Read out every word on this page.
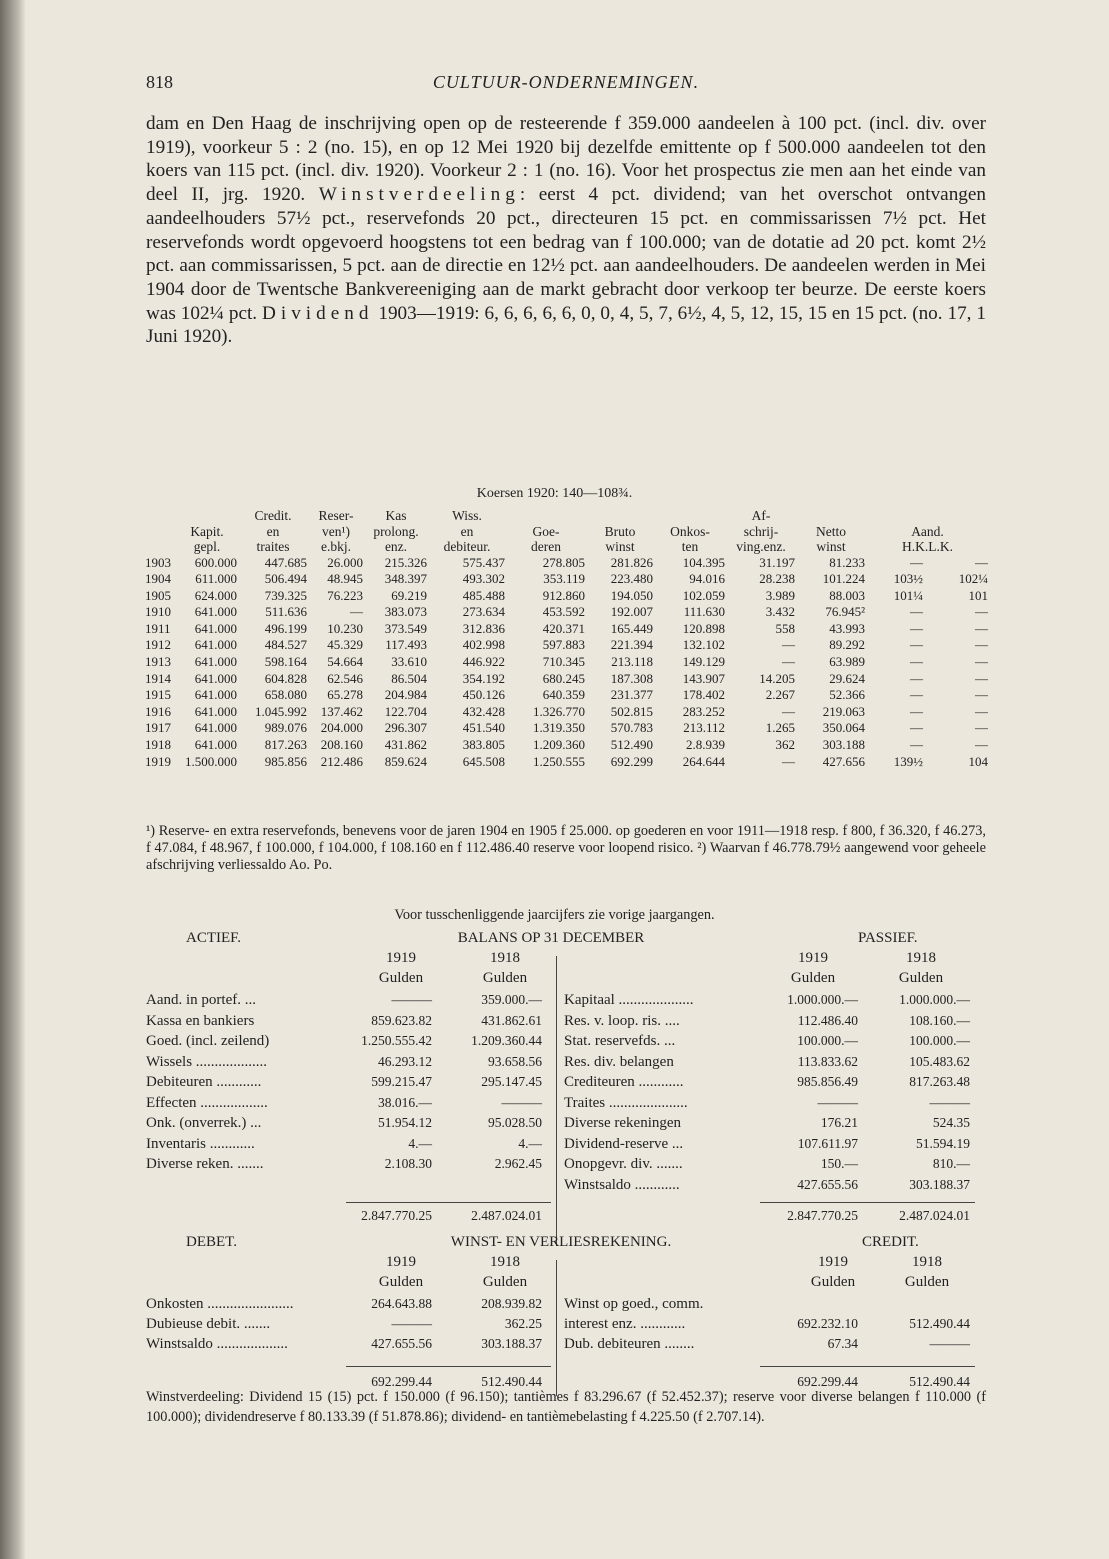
818	CULTUUR-ONDERNEMINGEN.
dam en Den Haag de inschrijving open op de resteerende f 359.000 aandeelen à 100 pct. (incl. div. over 1919), voorkeur 5 : 2 (no. 15), en op 12 Mei 1920 bij dezelfde emittente op f 500.000 aandeelen tot den koers van 115 pct. (incl. div. 1920). Voorkeur 2 : 1 (no. 16). Voor het prospectus zie men aan het einde van deel II, jrg. 1920. Winstverdeeling: eerst 4 pct. dividend; van het overschot ontvangen aandeelhouders 57½ pct., reservefonds 20 pct., directeuren 15 pct. en commissarissen 7½ pct. Het reservefonds wordt opgevoerd hoogstens tot een bedrag van f 100.000; van de dotatie ad 20 pct. komt 2½ pct. aan commissarissen, 5 pct. aan de directie en 12½ pct. aan aandeelhouders. De aandeelen werden in Mei 1904 door de Twentsche Bankvereeniging aan de markt gebracht door verkoop ter beurze. De eerste koers was 102¼ pct. Dividend 1903—1919: 6, 6, 6, 6, 6, 0, 0, 4, 5, 7, 6½, 4, 5, 12, 15, 15 en 15 pct. (no. 17, 1 Juni 1920).
Koersen 1920: 140—108¾.
		Credit.	Reser-	Kas	Wiss.				Af-			
	Kapit.	en	ven¹)	prolong.	en	Goe-	Bruto	Onkos-	schrij-	Netto	Aand.	
	gepl.	traites	e.bkj.	enz.	debiteur.	deren	winst	ten	ving.enz.	winst	H.K.L.K.	
1903	600.000	447.685	26.000	215.326	575.437	278.805	281.826	104.395	31.197	81.233	—	—
1904	611.000	506.494	48.945	348.397	493.302	353.119	223.480	94.016	28.238	101.224	103½	102¼
1905	624.000	739.325	76.223	69.219	485.488	912.860	194.050	102.059	3.989	88.003	101¼	101
1910	641.000	511.636	—	383.073	273.634	453.592	192.007	111.630	3.432	76.945²	—	—
1911	641.000	496.199	10.230	373.549	312.836	420.371	165.449	120.898	558	43.993	—	—
1912	641.000	484.527	45.329	117.493	402.998	597.883	221.394	132.102	—	89.292	—	—
1913	641.000	598.164	54.664	33.610	446.922	710.345	213.118	149.129	—	63.989	—	—
1914	641.000	604.828	62.546	86.504	354.192	680.245	187.308	143.907	14.205	29.624	—	—
1915	641.000	658.080	65.278	204.984	450.126	640.359	231.377	178.402	2.267	52.366	—	—
1916	641.000	1.045.992	137.462	122.704	432.428	1.326.770	502.815	283.252	—	219.063	—	—
1917	641.000	989.076	204.000	296.307	451.540	1.319.350	570.783	213.112	1.265	350.064	—	—
1918	641.000	817.263	208.160	431.862	383.805	1.209.360	512.490	2.8.939	362	303.188	—	—
1919	1.500.000	985.856	212.486	859.624	645.508	1.250.555	692.299	264.644	—	427.656	139½	104
¹) Reserve- en extra reservefonds, benevens voor de jaren 1904 en 1905 f 25.000. op goederen en voor 1911—1918 resp. f 800, f 36.320, f 46.273, f 47.084, f 48.967, f 100.000, f 104.000, f 108.160 en f 112.486.40 reserve voor loopend risico. ²) Waarvan f 46.778.79½ aangewend voor geheele afschrijving verliessaldo Ao. Po.
Voor tusschenliggende jaarcijfers zie vorige jaargangen.
ACTIEF.	BALANS OP 31 DECEMBER	PASSIEF.
1919	1918	1919	1918
Gulden	Gulden	Gulden	Gulden
Aand. in portef. ...	———	359.000.—
Kassa en bankiers	859.623.82	431.862.61
Goed. (incl. zeilend)	1.250.555.42	1.209.360.44
Wissels ...................	46.293.12	93.658.56
Debiteuren ............	599.215.47	295.147.45
Effecten ..................	38.016.—	———
Onk. (onverrek.) ...	51.954.12	95.028.50
Inventaris ............	4.—	4.—
Diverse reken. .......	2.108.30	2.962.45
Kapitaal ....................	1.000.000.—	1.000.000.—
Res. v. loop. ris. ....	112.486.40	108.160.—
Stat. reservefds. ...	100.000.—	100.000.—
Res. div. belangen	113.833.62	105.483.62
Crediteuren ............	985.856.49	817.263.48
Traites .....................	———	———
Diverse rekeningen	176.21	524.35
Dividend-reserve ...	107.611.97	51.594.19
Onopgevr. div. .......	150.—	810.—
Winstsaldo ............	427.655.56	303.188.37
2.847.770.25	2.487.024.01	2.847.770.25	2.487.024.01
DEBET.	WINST- EN VERLIESREKENING.	CREDIT.
1919	1918	1919	1918
Gulden	Gulden	Gulden	Gulden
Onkosten .......................	264.643.88	208.939.82
Dubieuse debit. .......	———	362.25
Winstsaldo ...................	427.655.56	303.188.37
Winst op goed., comm.
interest enz. ............	692.232.10	512.490.44
Dub. debiteuren ........	67.34	———
692.299.44	512.490.44	692.299.44	512.490.44
Winstverdeeling: Dividend 15 (15) pct. f 150.000 (f 96.150); tantièmes f 83.296.67 (f 52.452.37); reserve voor diverse belangen f 110.000 (f 100.000); dividendreserve f 80.133.39 (f 51.878.86); dividend- en tantièmebelasting f 4.225.50 (f 2.707.14).
